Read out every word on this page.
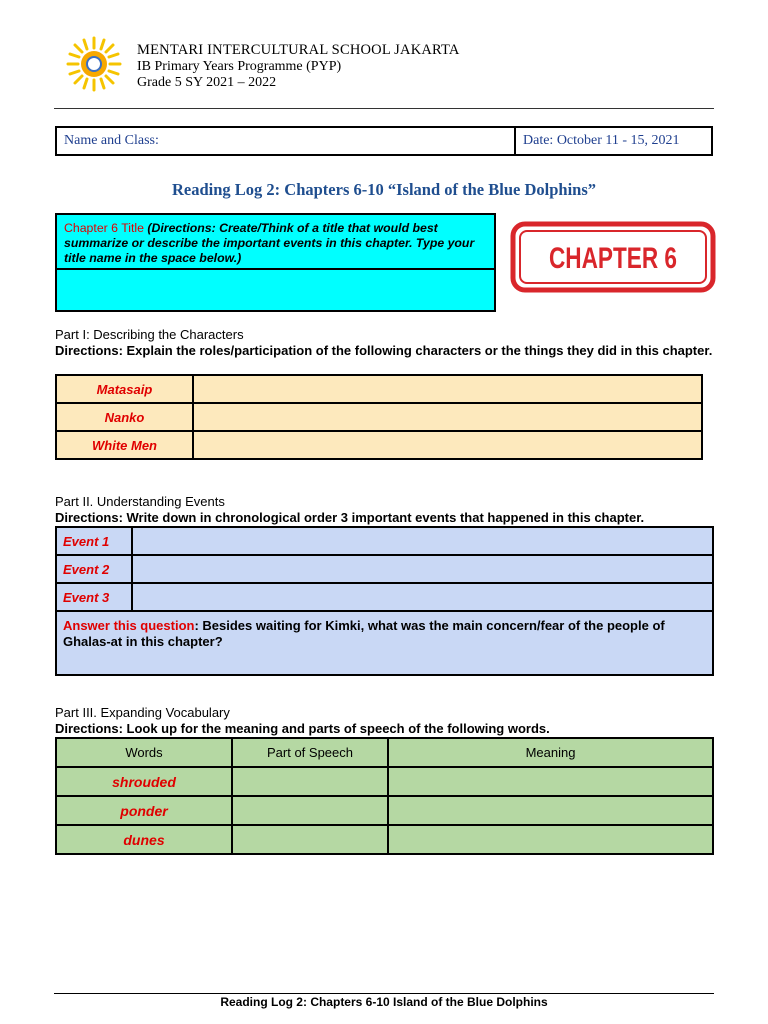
MENTARI INTERCULTURAL SCHOOL JAKARTA
IB Primary Years Programme (PYP)
Grade 5 SY 2021 – 2022
Name and Class:	Date: October 11 - 15, 2021
Reading Log 2: Chapters 6-10 “Island of the Blue Dolphins”
Chapter 6 Title (Directions: Create/Think of a title that would best summarize or describe the important events in this chapter. Type your title name in the space below.)	CHAPTER 6
Part I: Describing the Characters
Directions: Explain the roles/participation of the following characters or the things they did in this chapter.
Matasaip	
Nanko	
White Men	
Part II. Understanding Events
Directions: Write down in chronological order 3 important events that happened in this chapter.
Event 1	
Event 2	
Event 3	
Answer this question: Besides waiting for Kimki, what was the main concern/fear of the people of Ghalas-at in this chapter?	
Part III. Expanding Vocabulary
Directions: Look up for the meaning and parts of speech of the following words.
Words	Part of Speech	Meaning
shrouded		
ponder		
dunes		
Reading Log 2: Chapters 6-10 Island of the Blue Dolphins
